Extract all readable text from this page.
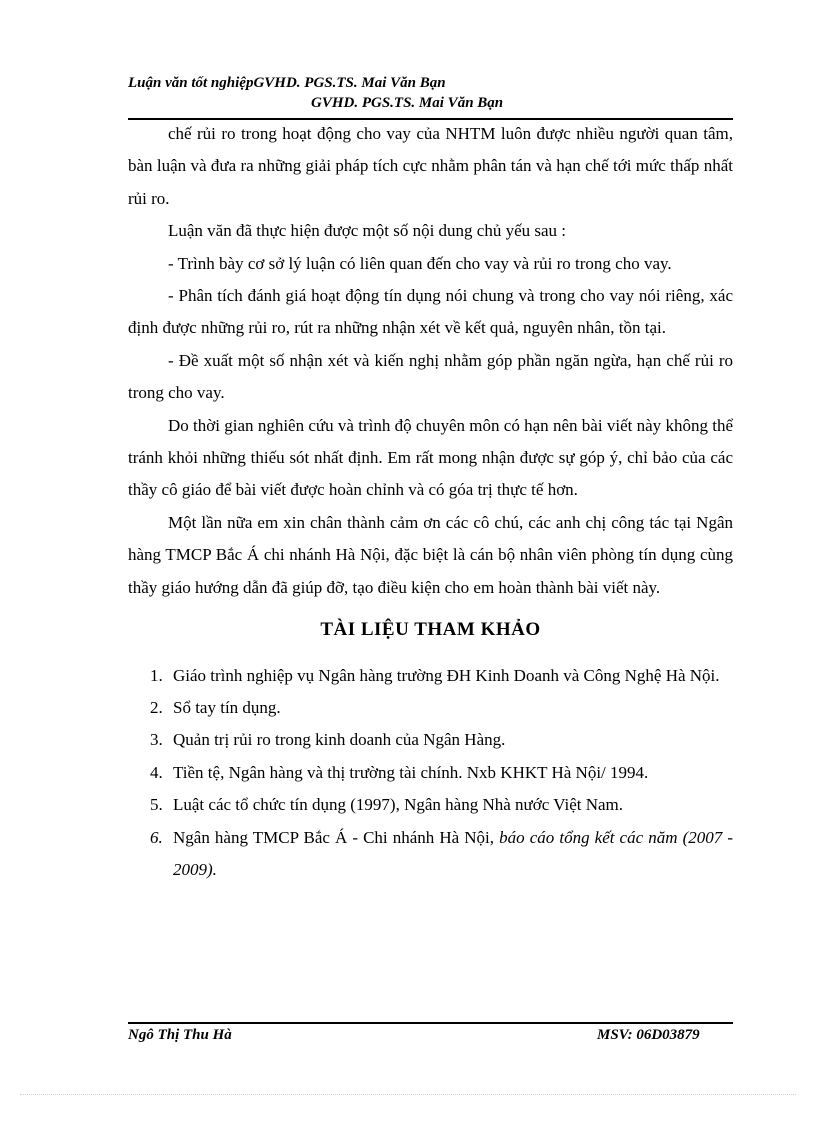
Luận văn tốt nghiệpGVHD. PGS.TS. Mai Văn Bạn
GVHD. PGS.TS. Mai Văn Bạn

chế rủi ro trong hoạt động cho vay của NHTM luôn được nhiều người quan tâm, bàn luận và đưa ra những giải pháp tích cực nhằm phân tán và hạn chế tới mức thấp nhất rủi ro.

Luận văn đã thực hiện được một số nội dung chủ yếu sau :

- Trình bày cơ sở lý luận có liên quan đến cho vay và rủi ro trong cho vay.

- Phân tích đánh giá hoạt động tín dụng nói chung và trong cho vay nói riêng, xác định được những rủi ro, rút ra những nhận xét về kết quả, nguyên nhân, tồn tại.

- Đề xuất một số nhận xét và kiến nghị nhằm góp phần ngăn ngừa, hạn chế rủi ro trong cho vay.

Do thời gian nghiên cứu và trình độ chuyên môn có hạn nên bài viết này không thể tránh khỏi những thiếu sót nhất định. Em rất mong nhận được sự góp ý, chỉ bảo của các thầy cô giáo để bài viết được hoàn chỉnh và có góa trị thực tế hơn.

Một lần nữa em xin chân thành cảm ơn các cô chú, các anh chị công tác tại Ngân hàng TMCP Bắc Á chi nhánh Hà Nội, đặc biệt là cán bộ nhân viên phòng tín dụng cùng thầy giáo hướng dẫn đã giúp đỡ, tạo điều kiện cho em hoàn thành bài viết này.

TÀI LIỆU THAM KHẢO
1. Giáo trình nghiệp vụ Ngân hàng trường ĐH Kinh Doanh và Công Nghệ Hà Nội.
2. Sổ tay tín dụng.
3. Quản trị rủi ro trong kinh doanh của Ngân Hàng.
4. Tiền tệ, Ngân hàng và thị trường tài chính. Nxb KHKT Hà Nội/ 1994.
5. Luật các tổ chức tín dụng (1997), Ngân hàng Nhà nước Việt Nam.
6. Ngân hàng TMCP Bắc Á - Chi nhánh Hà Nội, báo cáo tổng kết các năm (2007 - 2009).
Ngô Thị Thu Hà	MSV: 06D03879
